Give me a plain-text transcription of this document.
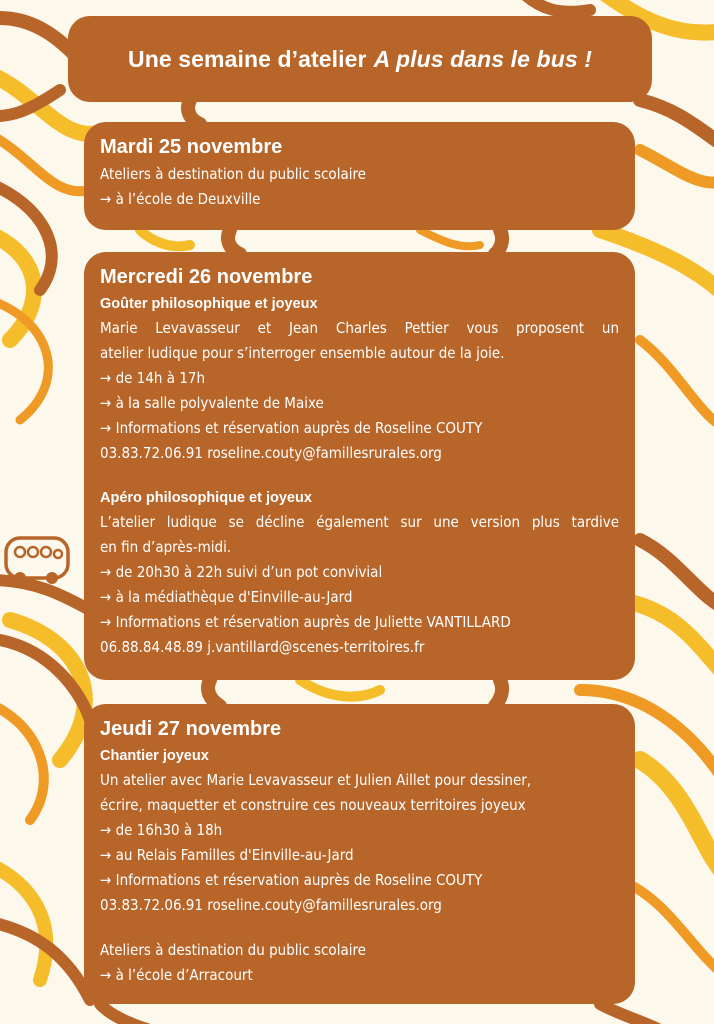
Une semaine d’atelier A plus dans le bus !
Mardi 25 novembre
Ateliers à destination du public scolaire
→ à l’école de Deuxville
Mercredi 26 novembre
Goûter philosophique et joyeux
Marie Levavasseur et Jean Charles Pettier vous proposent un
atelier ludique pour s’interroger ensemble autour de la joie.
→ de 14h à 17h
→ à la salle polyvalente de Maixe
→ Informations et réservation auprès de Roseline COUTY
03.83.72.06.91 roseline.couty@famillesrurales.org
Apéro philosophique et joyeux
L’atelier ludique se décline également sur une version plus tardive
en fin d’après-midi.
→ de 20h30 à 22h suivi d’un pot convivial
→ à la médiathèque d'Einville-au-Jard
→ Informations et réservation auprès de Juliette VANTILLARD
06.88.84.48.89 j.vantillard@scenes-territoires.fr
Jeudi 27 novembre
Chantier joyeux
Un atelier avec Marie Levavasseur et Julien Aillet pour dessiner,
écrire, maquetter et construire ces nouveaux territoires joyeux
→ de 16h30 à 18h
→ au Relais Familles d'Einville-au-Jard
→ Informations et réservation auprès de Roseline COUTY
03.83.72.06.91 roseline.couty@famillesrurales.org
Ateliers à destination du public scolaire
→ à l’école d’Arracourt
